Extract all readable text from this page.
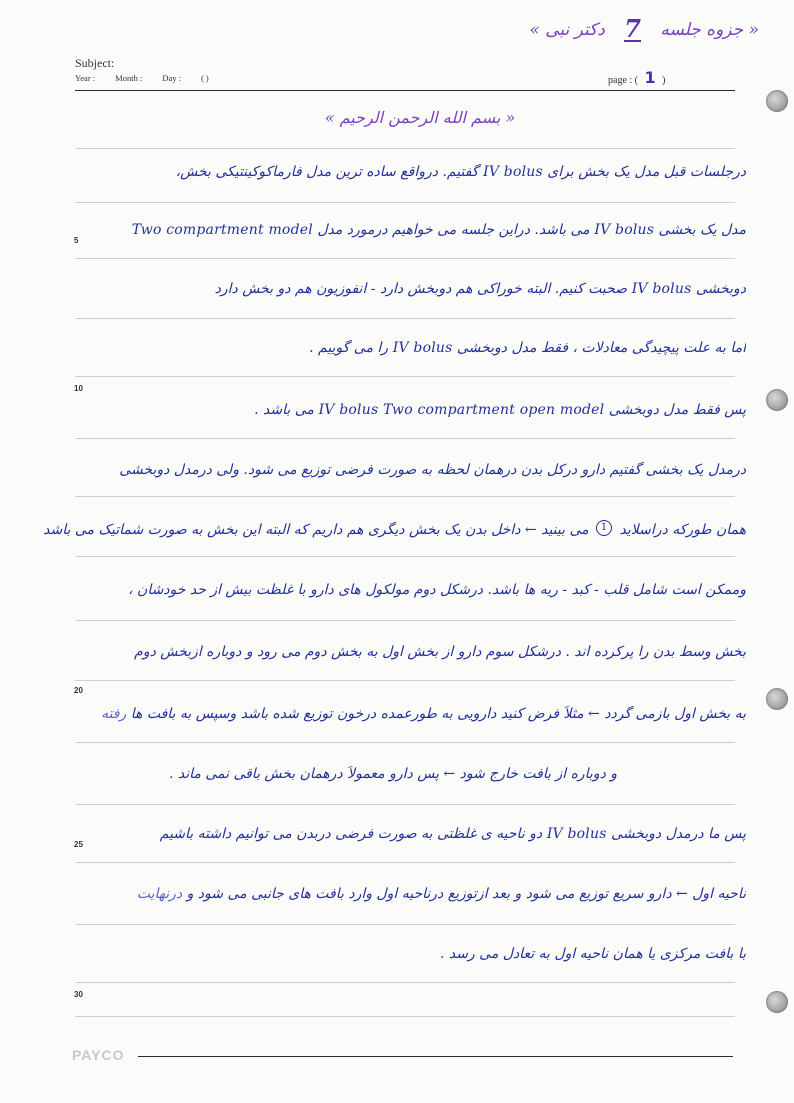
« جزوه جلسه 7 دکتر نبی »
Subject:
Year : Month : Day : ( )	page : ( 1 )
5
10
20
25
30
« بسم الله الرحمن الرحیم »
درجلسات قبل مدل یک بخش برای IV bolus گفتیم. درواقع ساده ترین مدل فارماکوکینتیکی بخش،
مدل یک بخشی IV bolus می باشد. دراین جلسه می خواهیم درمورد مدل Two compartment model
دوبخشی IV bolus صحبت کنیم. البته خوراکی هم دوبخش دارد - انفوزیون هم دو بخش دارد
اما به علت پیچیدگی معادلات ، فقط مدل دوبخشی IV bolus را می گوییم .
پس فقط مدل دوبخشی IV bolus Two compartment open model می باشد .
درمدل یک بخشی گفتیم دارو درکل بدن درهمان لحظه به صورت فرضی توزیع می شود. ولی درمدل دوبخشی
همان طورکه دراسلاید 1 می بینید ← داخل بدن یک بخش دیگری هم داریم که البته این بخش به صورت شماتیک می باشد
وممکن است شامل قلب - کبد - ریه ها باشد. درشکل دوم مولکول های دارو با غلظت بیش از حد خودشان ،
بخش وسط بدن را پرکرده اند . درشکل سوم دارو از بخش اول به بخش دوم می رود و دوباره ازبخش دوم
به بخش اول بازمی گردد ← مثلاً فرض کنید دارویی به طورعمده درخون توزیع شده باشد وسپس به بافت ها رفته
و دوباره از بافت خارج شود ← پس دارو معمولاً درهمان بخش باقی نمی ماند .
پس ما درمدل دوبخشی IV bolus دو ناحیه ی غلظتی به صورت فرضی دربدن می توانیم داشته باشیم
ناحیه اول ← دارو سریع توزیع می شود و بعد ازتوزیع درناحیه اول وارد بافت های جانبی می شود و درنهایت
با بافت مرکزی یا همان ناحیه اول به تعادل می رسد .
PAYCO
